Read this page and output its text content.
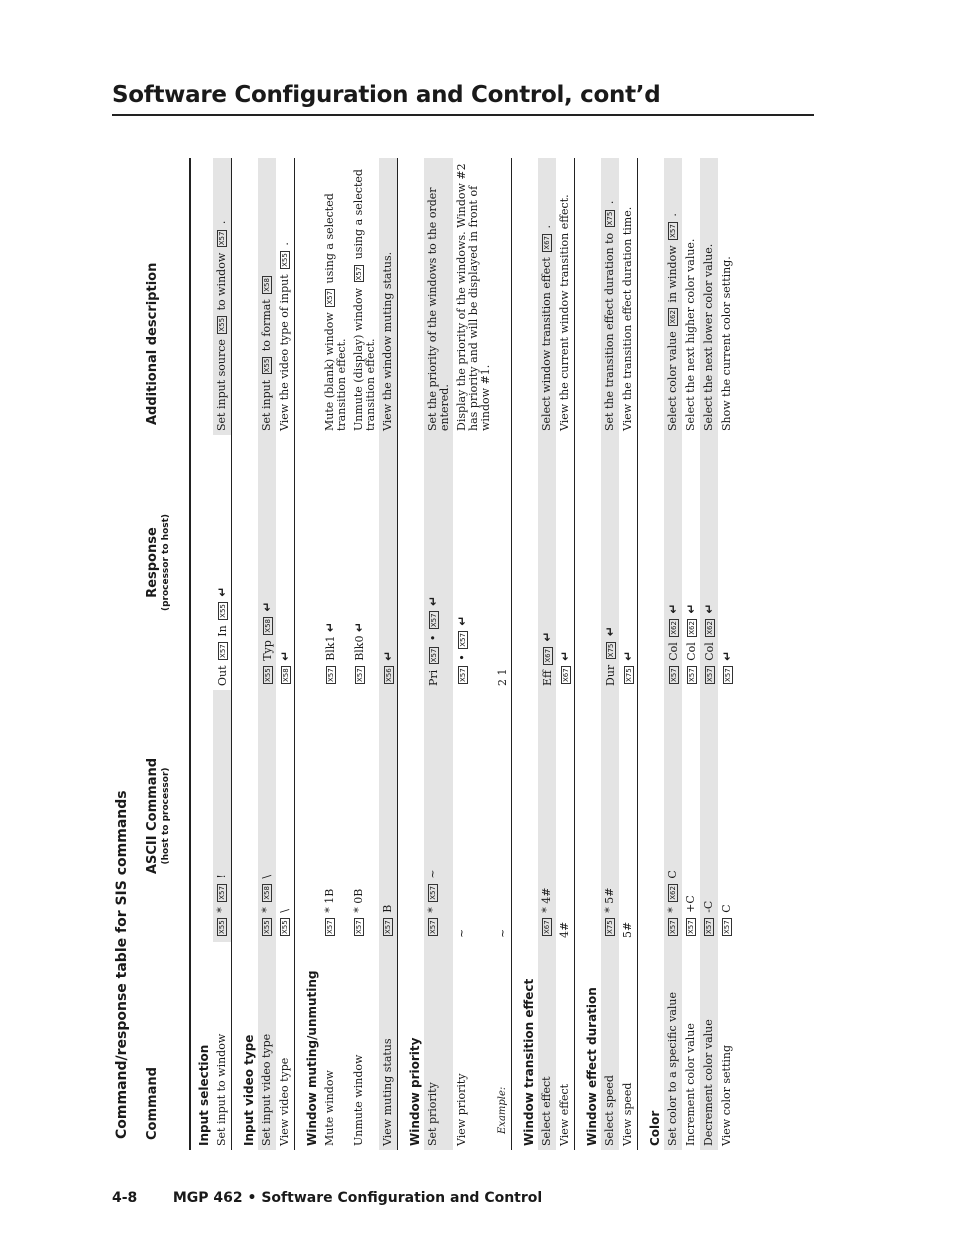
Software Configuration and Control, cont’d
Command/response table for SIS commands Command	ASCII Command (host to processor)	Response (processor to host)	Additional description
Input selection			
Set input to window	X55 * X57 !	Out X57 In X55 ↵	Set input source X55 to window X57 .
Input video type			
Set input video type	X55 * X58 \	X55 Typ X58 ↵	Set input X55 to format X58
View video type	X55 \	X58 ↵	View the video type of input X55 .
Window muting/unmuting			
Mute window	X57 * 1B	X57 Blk1 ↵	Mute (blank) window X57 using a selected transition effect.
Unmute window	X57 * 0B	X57 Blk0 ↵	Unmute (display) window X57 using a selected transition effect.
View muting status	X57 B	X56 ↵	View the window muting status.
Window priority			
Set priority	X57 * X57 ~	Pri X57 • X57 ↵	Set the priority of the windows to the order entered.
View priority	~	X57 • X57 ↵	Display the priority of the windows. Window #2 has priority and will be displayed in front of window #1.
Example:	~	2 1	
Window transition effect			
Select effect	X67 * 4#	Eff X67 ↵	Select window transition effect X67 .
View effect	4#	X67 ↵	View the current window transition effect.
Window effect duration			
Select speed	X75 * 5#	Dur X75 ↵	Set the transition effect duration to X75 .
View speed	5#	X75 ↵	View the transition effect duration time.
Color			
Set color to a specific value	X57 * X62 C	X57 Col X62 ↵	Select color value X62 in window X57 .
Increment color value	X57 +C	X57 Col X62 ↵	Select the next higher color value.
Decrement color value	X57 -C	X57 Col X62 ↵	Select the next lower color value.
View color setting	X57 C	X57 ↵	Show the current color setting.
4-8	MGP 462 • Software Configuration and Control
